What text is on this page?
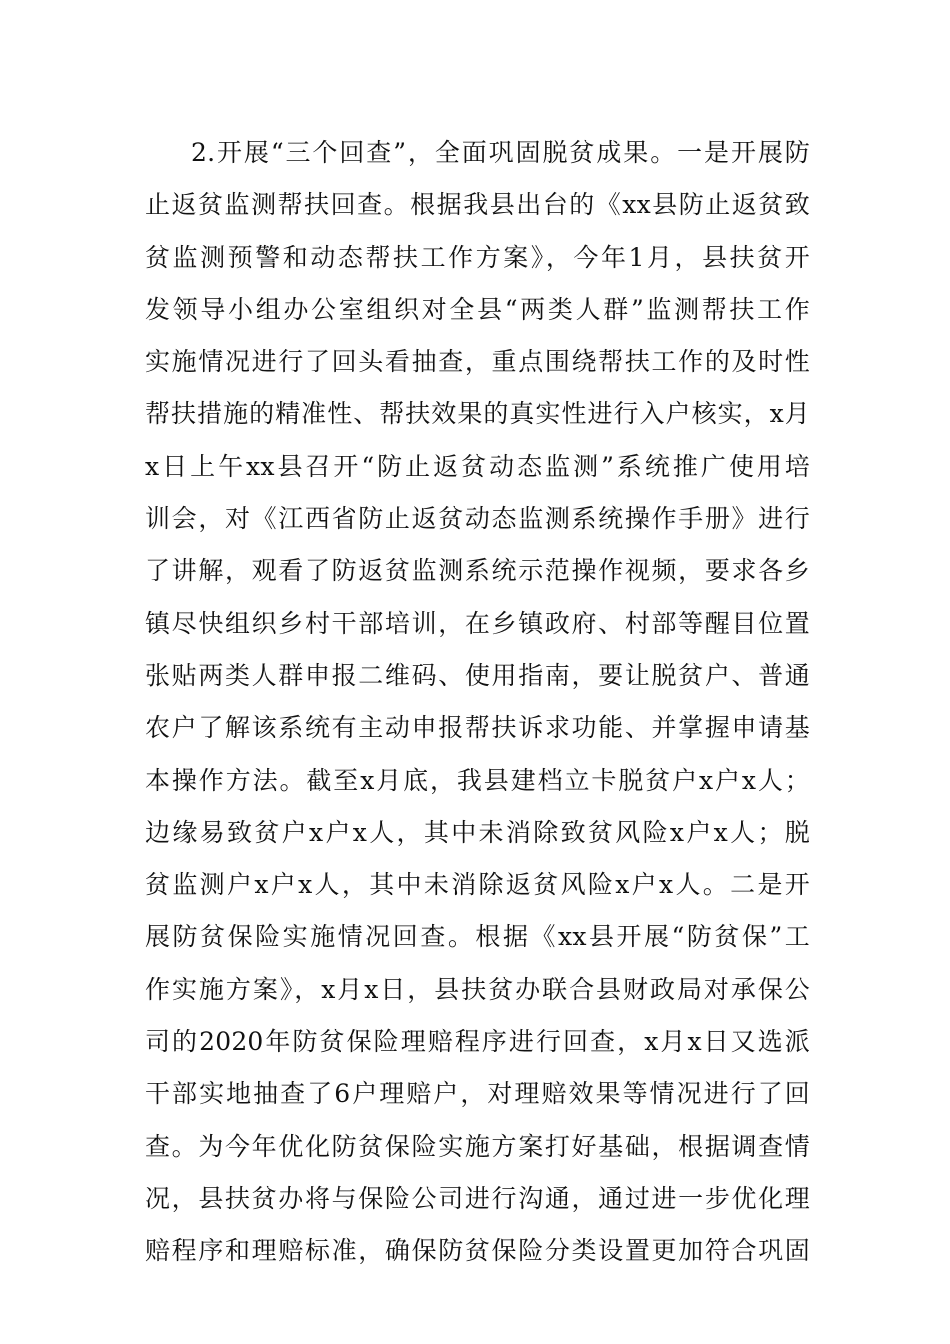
2.开展“三个回查”，全面巩固脱贫成果。一是开展防
止返贫监测帮扶回查。根据我县出台的《xx县防止返贫致
贫监测预警和动态帮扶工作方案》，今年1月，县扶贫开
发领导小组办公室组织对全县“两类人群”监测帮扶工作
实施情况进行了回头看抽查，重点围绕帮扶工作的及时性
帮扶措施的精准性、帮扶效果的真实性进行入户核实，x月
x日上午xx县召开“防止返贫动态监测”系统推广使用培
训会，对《江西省防止返贫动态监测系统操作手册》进行
了讲解，观看了防返贫监测系统示范操作视频，要求各乡
镇尽快组织乡村干部培训，在乡镇政府、村部等醒目位置
张贴两类人群申报二维码、使用指南，要让脱贫户、普通
农户了解该系统有主动申报帮扶诉求功能、并掌握申请基
本操作方法。截至x月底，我县建档立卡脱贫户x户x人；
边缘易致贫户x户x人，其中未消除致贫风险x户x人；脱
贫监测户x户x人，其中未消除返贫风险x户x人。二是开
展防贫保险实施情况回查。根据《xx县开展“防贫保”工
作实施方案》，x月x日，县扶贫办联合县财政局对承保公
司的2020年防贫保险理赔程序进行回查，x月x日又选派
干部实地抽查了6户理赔户，对理赔效果等情况进行了回
查。为今年优化防贫保险实施方案打好基础，根据调查情
况，县扶贫办将与保险公司进行沟通，通过进一步优化理
赔程序和理赔标准，确保防贫保险分类设置更加符合巩固
